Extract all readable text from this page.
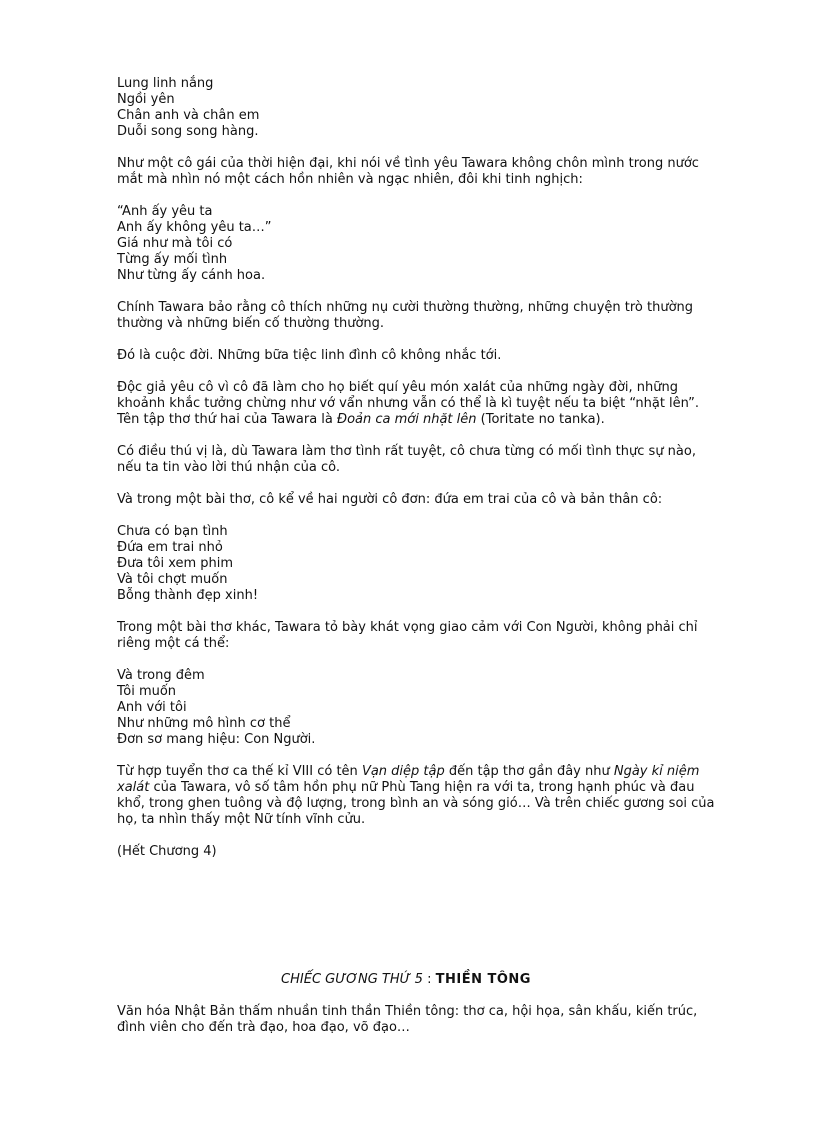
Lung linh nắng
Ngồi yên
Chân anh và chân em
Duỗi song song hàng.
Như một cô gái của thời hiện đại, khi nói về tình yêu Tawara không chôn mình trong nước
mắt mà nhìn nó một cách hồn nhiên và ngạc nhiên, đôi khi tinh nghịch:
“Anh ấy yêu ta
Anh ấy không yêu ta…”
Giá như mà tôi có
Từng ấy mối tình
Như từng ấy cánh hoa.
Chính Tawara bảo rằng cô thích những nụ cười thường thường, những chuyện trò thường
thường và những biến cố thường thường.
Đó là cuộc đời. Những bữa tiệc linh đình cô không nhắc tới.
Độc giả yêu cô vì cô đã làm cho họ biết quí yêu món xalát của những ngày đời, những
khoảnh khắc tưởng chừng như vớ vẩn nhưng vẫn có thể là kì tuyệt nếu ta biệt “nhặt lên”.
Tên tập thơ thứ hai của Tawara là Đoản ca mới nhặt lên (Toritate no tanka).
Có điều thú vị là, dù Tawara làm thơ tình rất tuyệt, cô chưa từng có mối tình thực sự nào,
nếu ta tin vào lời thú nhận của cô.
Và trong một bài thơ, cô kể về hai người cô đơn: đứa em trai của cô và bản thân cô:
Chưa có bạn tình
Đứa em trai nhỏ
Đưa tôi xem phim
Và tôi chợt muốn
Bỗng thành đẹp xinh!
Trong một bài thơ khác, Tawara tỏ bày khát vọng giao cảm với Con Người, không phải chỉ
riêng một cá thể:
Và trong đêm
Tôi muốn
Anh với tôi
Như những mô hình cơ thể
Đơn sơ mang hiệu: Con Người.
Từ hợp tuyển thơ ca thế kỉ VIII có tên Vạn diệp tập đến tập thơ gần đây như Ngày kỉ niệm
xalát của Tawara, vô số tâm hồn phụ nữ Phù Tang hiện ra với ta, trong hạnh phúc và đau
khổ, trong ghen tuông và độ lượng, trong bình an và sóng gió… Và trên chiếc gương soi của
họ, ta nhìn thấy một Nữ tính vĩnh cửu.
(Hết Chương 4)
CHIẾC GƯƠNG THỨ 5 : THIỀN TÔNG
Văn hóa Nhật Bản thấm nhuần tinh thần Thiền tông: thơ ca, hội họa, sân khấu, kiến trúc,
đình viên cho đến trà đạo, hoa đạo, võ đạo…
